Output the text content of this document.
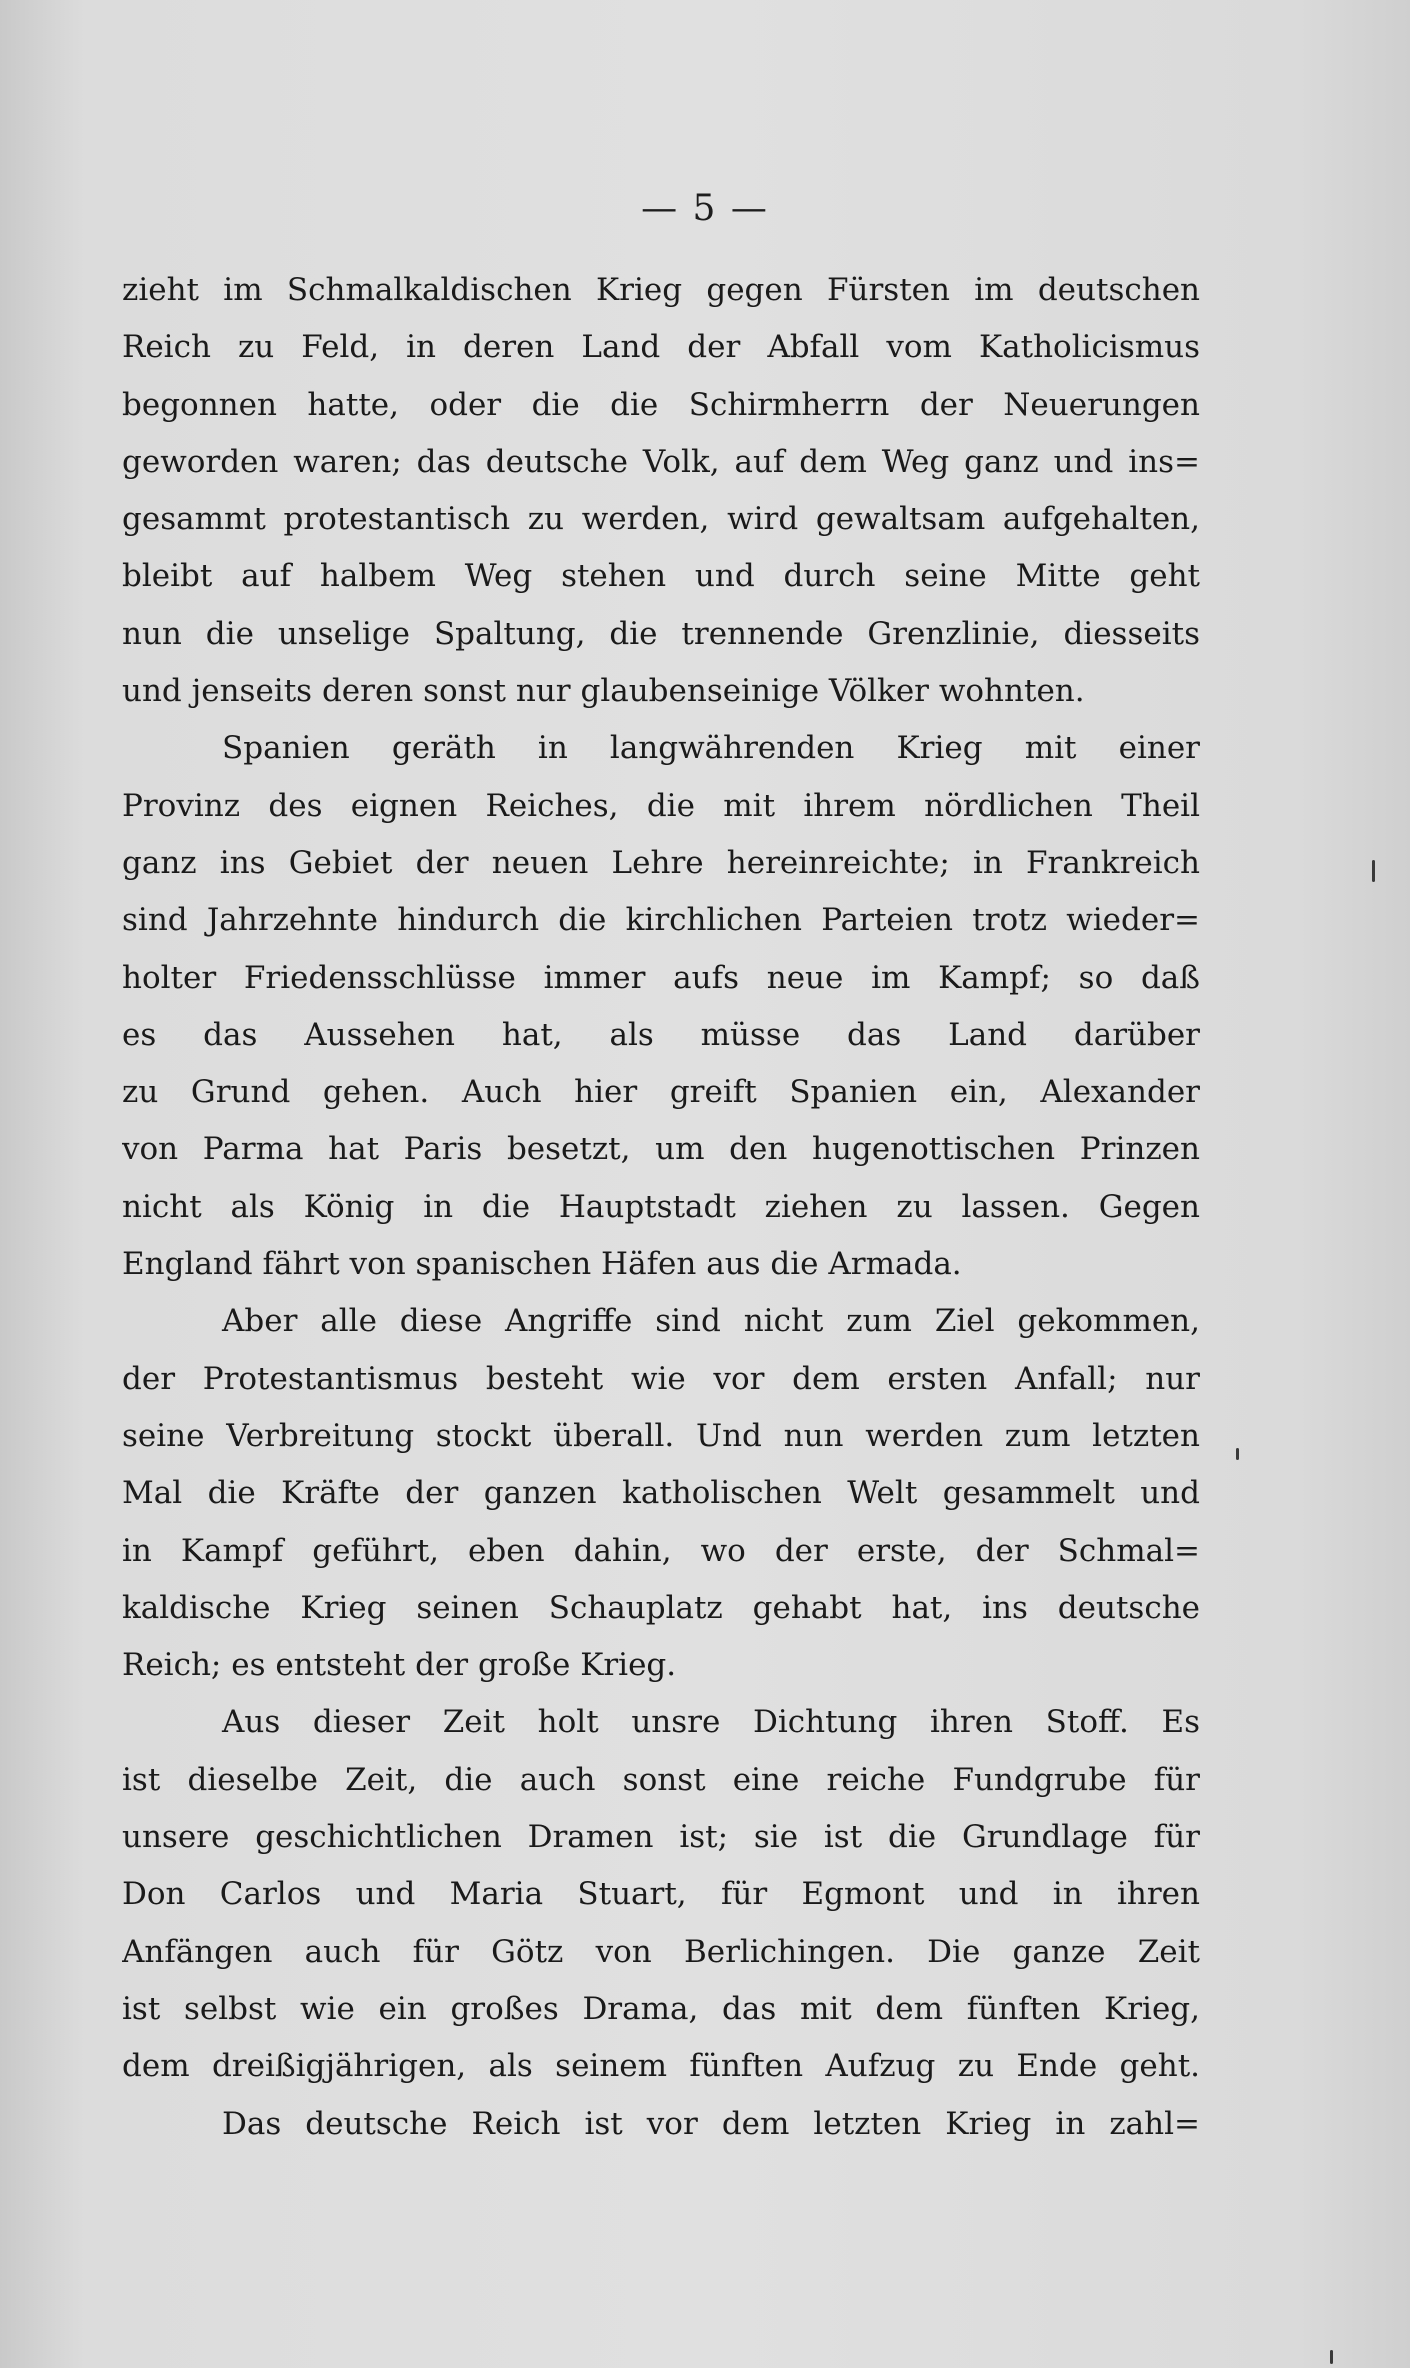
— 5 —
zieht im Schmalkaldischen Krieg gegen Fürsten im deutschen
Reich zu Feld, in deren Land der Abfall vom Katholicismus
begonnen hatte, oder die die Schirmherrn der Neuerungen
geworden waren; das deutsche Volk, auf dem Weg ganz und ins=
gesammt protestantisch zu werden, wird gewaltsam aufgehalten,
bleibt auf halbem Weg stehen und durch seine Mitte geht
nun die unselige Spaltung, die trennende Grenzlinie, diesseits
und jenseits deren sonst nur glaubenseinige Völker wohnten.
Spanien geräth in langwährenden Krieg mit einer
Provinz des eignen Reiches, die mit ihrem nördlichen Theil
ganz ins Gebiet der neuen Lehre hereinreichte; in Frankreich
sind Jahrzehnte hindurch die kirchlichen Parteien trotz wieder=
holter Friedensschlüsse immer aufs neue im Kampf; so daß
es das Aussehen hat, als müsse das Land darüber
zu Grund gehen. Auch hier greift Spanien ein, Alexander
von Parma hat Paris besetzt, um den hugenottischen Prinzen
nicht als König in die Hauptstadt ziehen zu lassen. Gegen
England fährt von spanischen Häfen aus die Armada.
Aber alle diese Angriffe sind nicht zum Ziel gekommen,
der Protestantismus besteht wie vor dem ersten Anfall; nur
seine Verbreitung stockt überall. Und nun werden zum letzten
Mal die Kräfte der ganzen katholischen Welt gesammelt und
in Kampf geführt, eben dahin, wo der erste, der Schmal=
kaldische Krieg seinen Schauplatz gehabt hat, ins deutsche
Reich; es entsteht der große Krieg.
Aus dieser Zeit holt unsre Dichtung ihren Stoff. Es
ist dieselbe Zeit, die auch sonst eine reiche Fundgrube für
unsere geschichtlichen Dramen ist; sie ist die Grundlage für
Don Carlos und Maria Stuart, für Egmont und in ihren
Anfängen auch für Götz von Berlichingen. Die ganze Zeit
ist selbst wie ein großes Drama, das mit dem fünften Krieg,
dem dreißigjährigen, als seinem fünften Aufzug zu Ende geht.
Das deutsche Reich ist vor dem letzten Krieg in zahl=
